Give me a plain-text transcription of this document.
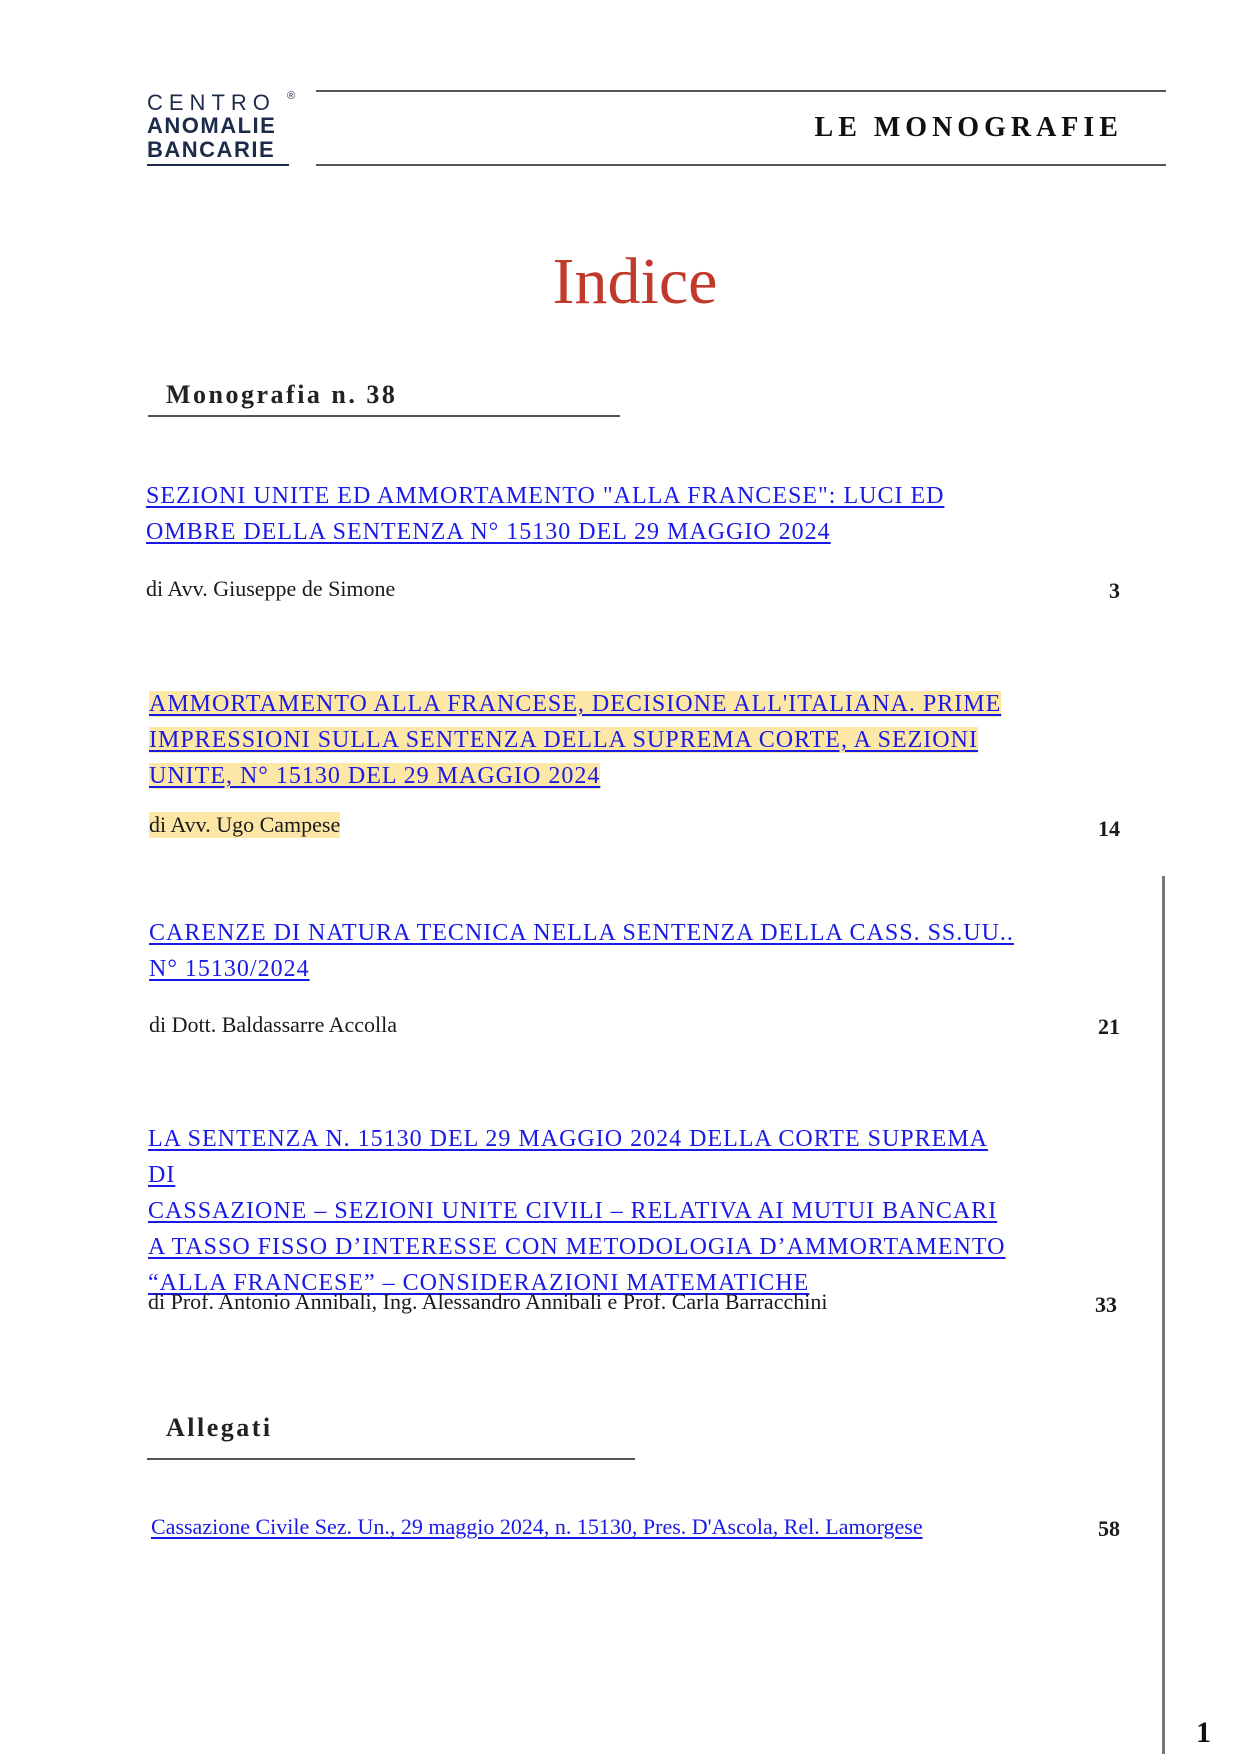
CENTRO	®
ANOMALIE
BANCARIE
LE MONOGRAFIE
Indice
Monografia n. 38
SEZIONI UNITE ED AMMORTAMENTO "ALLA FRANCESE": LUCI ED
OMBRE DELLA SENTENZA N° 15130 DEL 29 MAGGIO 2024
di Avv. Giuseppe de Simone	3
AMMORTAMENTO ALLA FRANCESE, DECISIONE ALL'ITALIANA. PRIME
IMPRESSIONI SULLA SENTENZA DELLA SUPREMA CORTE, A SEZIONI
UNITE, N° 15130 DEL 29 MAGGIO 2024
di Avv. Ugo Campese	14
CARENZE DI NATURA TECNICA NELLA SENTENZA DELLA CASS. SS.UU..
N° 15130/2024
di Dott. Baldassarre Accolla	21
LA SENTENZA N. 15130 DEL 29 MAGGIO 2024 DELLA CORTE SUPREMA DI
CASSAZIONE – SEZIONI UNITE CIVILI – RELATIVA AI MUTUI BANCARI
A TASSO FISSO D’INTERESSE CON METODOLOGIA D’AMMORTAMENTO
“ALLA FRANCESE” – CONSIDERAZIONI MATEMATICHE
di Prof. Antonio Annibali, Ing. Alessandro Annibali e Prof. Carla Barracchini	33
Allegati
Cassazione Civile Sez. Un., 29 maggio 2024, n. 15130, Pres. D'Ascola, Rel. Lamorgese	58
1
